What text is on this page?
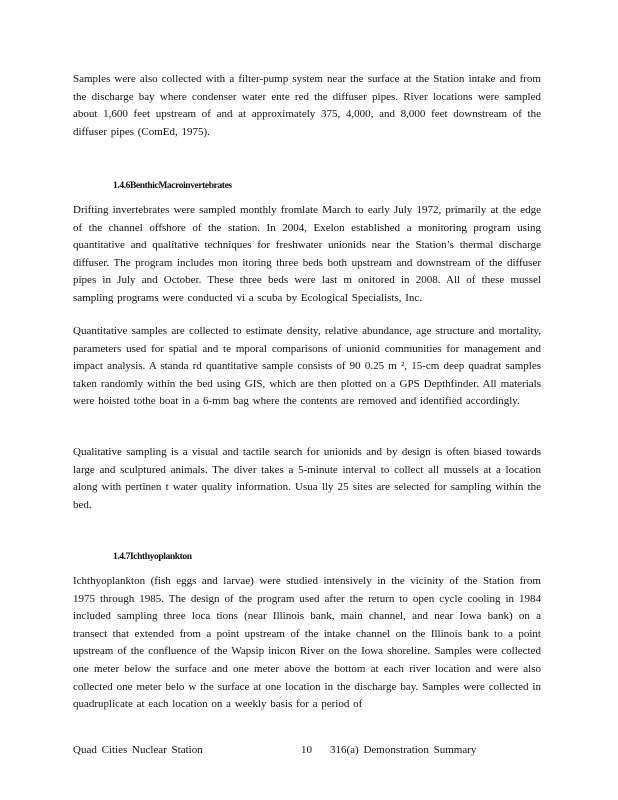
Samples were also collected with a filter-pump system near the surface at the Station intake and from the discharge bay where condenser water ente red the diffuser pipes. River locations were sampled about 1,600 feet upstream of and at approximately 375, 4,000, and 8,000 feet downstream of the diffuser pipes (ComEd, 1975).

1.4.6BenthicMacroinvertebrates

Drifting invertebrates were sampled monthly fromlate March to early July 1972, primarily at the edge of the channel offshore of the station. In 2004, Exelon established a monitoring program using quantitative and qualitative techniques for freshwater unionids near the Station’s thermal discharge diffuser. The program includes mon itoring three beds both upstream and downstream of the diffuser pipes in July and October. These three beds were last m onitored in 2008. All of these mussel sampling programs were conducted vi a scuba by Ecological Specialists, Inc.

Quantitative samples are collected to estimate density, relative abundance, age structure and mortality, parameters used for spatial and te mporal comparisons of unionid communities for management and impact analysis. A standa rd quantitative sample consists of 90 0.25 m ², 15-cm deep quadrat samples taken randomly within the bed using GIS, which are then plotted on a GPS Depthfinder. All materials were hoisted tothe boat in a 6-mm bag where the contents are removed and identified accordingly.

Qualitative sampling is a visual and tactile search for unionids and by design is often biased towards large and sculptured animals. The diver takes a 5-minute interval to collect all mussels at a location along with pertinen t water quality information. Usua lly 25 sites are selected for sampling within the bed.

1.4.7Ichthyoplankton

Ichthyoplankton (fish eggs and larvae) were studied intensively in the vicinity of the Station from 1975 through 1985. The design of the program used after the return to open cycle cooling in 1984 included sampling three loca tions (near Illinois bank, main channel, and near Iowa bank) on a transect that extended from a point upstream of the intake channel on the Illinois bank to a point upstream of the confluence of the Wapsip inicon River on the Iowa shoreline. Samples were collected one meter below the surface and one meter above the bottom at each river location and were also collected one meter belo w the surface at one location in the discharge bay. Samples were collected in quadruplicate at each location on a weekly basis for a period of

Quad Cities Nuclear Station	10 316(a) Demonstration Summary
